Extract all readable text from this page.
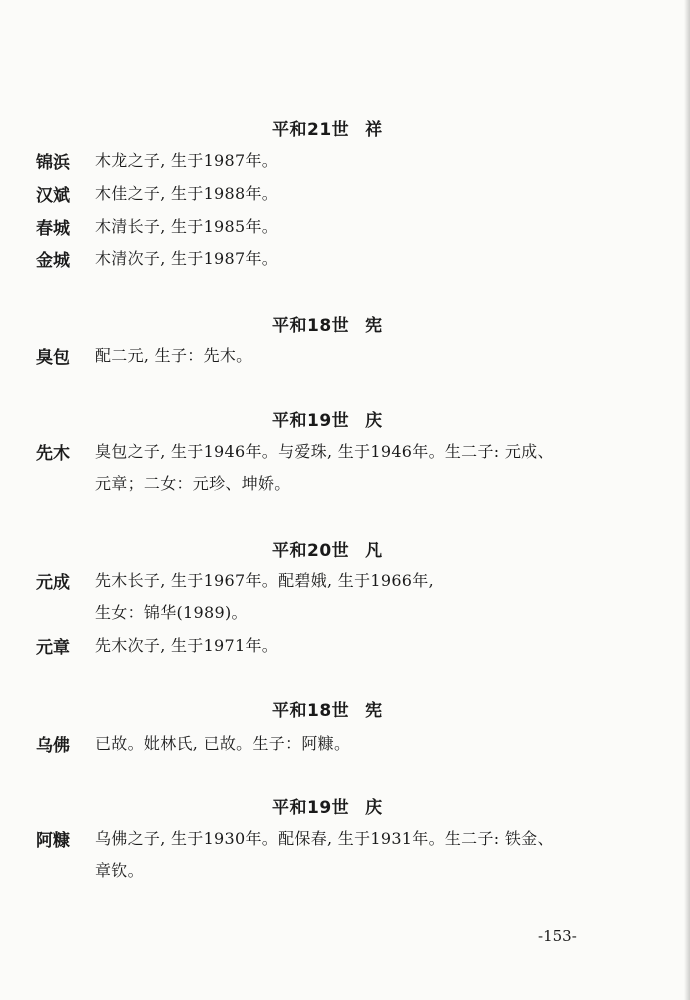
平和21世 祥
锦浜 木龙之子, 生于1987年。
汉斌 木佳之子, 生于1988年。
春城 木清长子, 生于1985年。
金城 木清次子, 生于1987年。
平和18世 宪
臭包 配二元, 生子：先木。
平和19世 庆
先木 臭包之子, 生于1946年。与爱珠, 生于1946年。生二子: 元成、
元章；二女：元珍、坤娇。
平和20世 凡
元成 先木长子, 生于1967年。配碧娥, 生于1966年,
生女：锦华(1989)。
元章 先木次子, 生于1971年。
平和18世 宪
乌佛 已故。妣林氏, 已故。生子：阿糠。
平和19世 庆
阿糠 乌佛之子, 生于1930年。配保春, 生于1931年。生二子: 铁金、
章钦。
-153-
